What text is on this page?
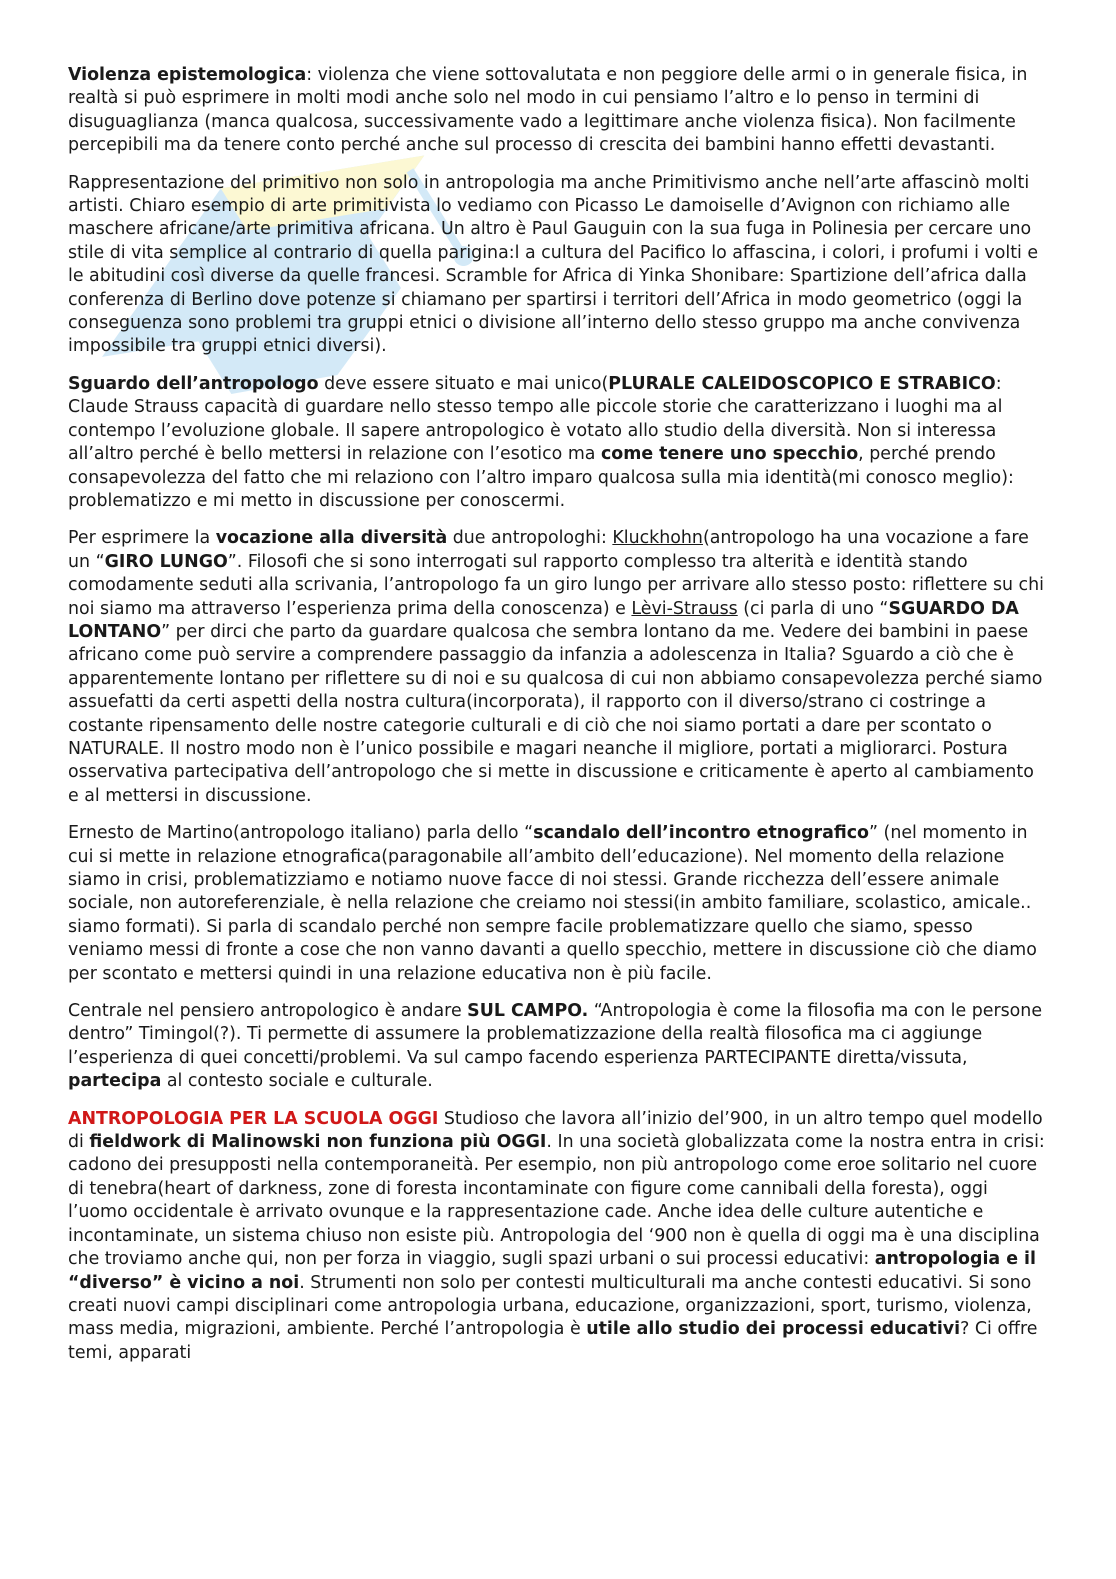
Violenza epistemologica: violenza che viene sottovalutata e non peggiore delle armi o in generale fisica, in realtà si può esprimere in molti modi anche solo nel modo in cui pensiamo l’altro e lo penso in termini di disuguaglianza (manca qualcosa, successivamente vado a legittimare anche violenza fisica). Non facilmente percepibili ma da tenere conto perché anche sul processo di crescita dei bambini hanno effetti devastanti.

Rappresentazione del primitivo non solo in antropologia ma anche Primitivismo anche nell’arte affascinò molti artisti. Chiaro esempio di arte primitivista lo vediamo con Picasso Le damoiselle d’Avignon con richiamo alle maschere africane/arte primitiva africana. Un altro è Paul Gauguin con la sua fuga in Polinesia per cercare uno stile di vita semplice al contrario di quella parigina:l a cultura del Pacifico lo affascina, i colori, i profumi i volti e le abitudini così diverse da quelle francesi. Scramble for Africa di Yinka Shonibare: Spartizione dell’africa dalla conferenza di Berlino dove potenze si chiamano per spartirsi i territori dell’Africa in modo geometrico (oggi la conseguenza sono problemi tra gruppi etnici o divisione all’interno dello stesso gruppo ma anche convivenza impossibile tra gruppi etnici diversi).

Sguardo dell’antropologo deve essere situato e mai unico(PLURALE CALEIDOSCOPICO E STRABICO: Claude Strauss capacità di guardare nello stesso tempo alle piccole storie che caratterizzano i luoghi ma al contempo l’evoluzione globale. Il sapere antropologico è votato allo studio della diversità. Non si interessa all’altro perché è bello mettersi in relazione con l’esotico ma come tenere uno specchio, perché prendo consapevolezza del fatto che mi relaziono con l’altro imparo qualcosa sulla mia identità(mi conosco meglio): problematizzo e mi metto in discussione per conoscermi.

Per esprimere la vocazione alla diversità due antropologhi: Kluckhohn(antropologo ha una vocazione a fare un “GIRO LUNGO”. Filosofi che si sono interrogati sul rapporto complesso tra alterità e identità stando comodamente seduti alla scrivania, l’antropologo fa un giro lungo per arrivare allo stesso posto: riflettere su chi noi siamo ma attraverso l’esperienza prima della conoscenza) e Lèvi-Strauss (ci parla di uno “SGUARDO DA LONTANO” per dirci che parto da guardare qualcosa che sembra lontano da me. Vedere dei bambini in paese africano come può servire a comprendere passaggio da infanzia a adolescenza in Italia? Sguardo a ciò che è apparentemente lontano per riflettere su di noi e su qualcosa di cui non abbiamo consapevolezza perché siamo assuefatti da certi aspetti della nostra cultura(incorporata), il rapporto con il diverso/strano ci costringe a costante ripensamento delle nostre categorie culturali e di ciò che noi siamo portati a dare per scontato o NATURALE. Il nostro modo non è l’unico possibile e magari neanche il migliore, portati a migliorarci. Postura osservativa partecipativa dell’antropologo che si mette in discussione e criticamente è aperto al cambiamento e al mettersi in discussione.

Ernesto de Martino(antropologo italiano) parla dello “scandalo dell’incontro etnografico” (nel momento in cui si mette in relazione etnografica(paragonabile all’ambito dell’educazione). Nel momento della relazione siamo in crisi, problematizziamo e notiamo nuove facce di noi stessi. Grande ricchezza dell’essere animale sociale, non autoreferenziale, è nella relazione che creiamo noi stessi(in ambito familiare, scolastico, amicale.. siamo formati). Si parla di scandalo perché non sempre facile problematizzare quello che siamo, spesso veniamo messi di fronte a cose che non vanno davanti a quello specchio, mettere in discussione ciò che diamo per scontato e mettersi quindi in una relazione educativa non è più facile.

Centrale nel pensiero antropologico è andare SUL CAMPO. “Antropologia è come la filosofia ma con le persone dentro” Timingol(?). Ti permette di assumere la problematizzazione della realtà filosofica ma ci aggiunge l’esperienza di quei concetti/problemi. Va sul campo facendo esperienza PARTECIPANTE diretta/vissuta, partecipa al contesto sociale e culturale.

ANTROPOLOGIA PER LA SCUOLA OGGI Studioso che lavora all’inizio del’900, in un altro tempo quel modello di fieldwork di Malinowski non funziona più OGGI. In una società globalizzata come la nostra entra in crisi: cadono dei presupposti nella contemporaneità. Per esempio, non più antropologo come eroe solitario nel cuore di tenebra(heart of darkness, zone di foresta incontaminate con figure come cannibali della foresta), oggi l’uomo occidentale è arrivato ovunque e la rappresentazione cade. Anche idea delle culture autentiche e incontaminate, un sistema chiuso non esiste più. Antropologia del ‘900 non è quella di oggi ma è una disciplina che troviamo anche qui, non per forza in viaggio, sugli spazi urbani o sui processi educativi: antropologia e il “diverso” è vicino a noi. Strumenti non solo per contesti multiculturali ma anche contesti educativi. Si sono creati nuovi campi disciplinari come antropologia urbana, educazione, organizzazioni, sport, turismo, violenza, mass media, migrazioni, ambiente. Perché l’antropologia è utile allo studio dei processi educativi? Ci offre temi, apparati
